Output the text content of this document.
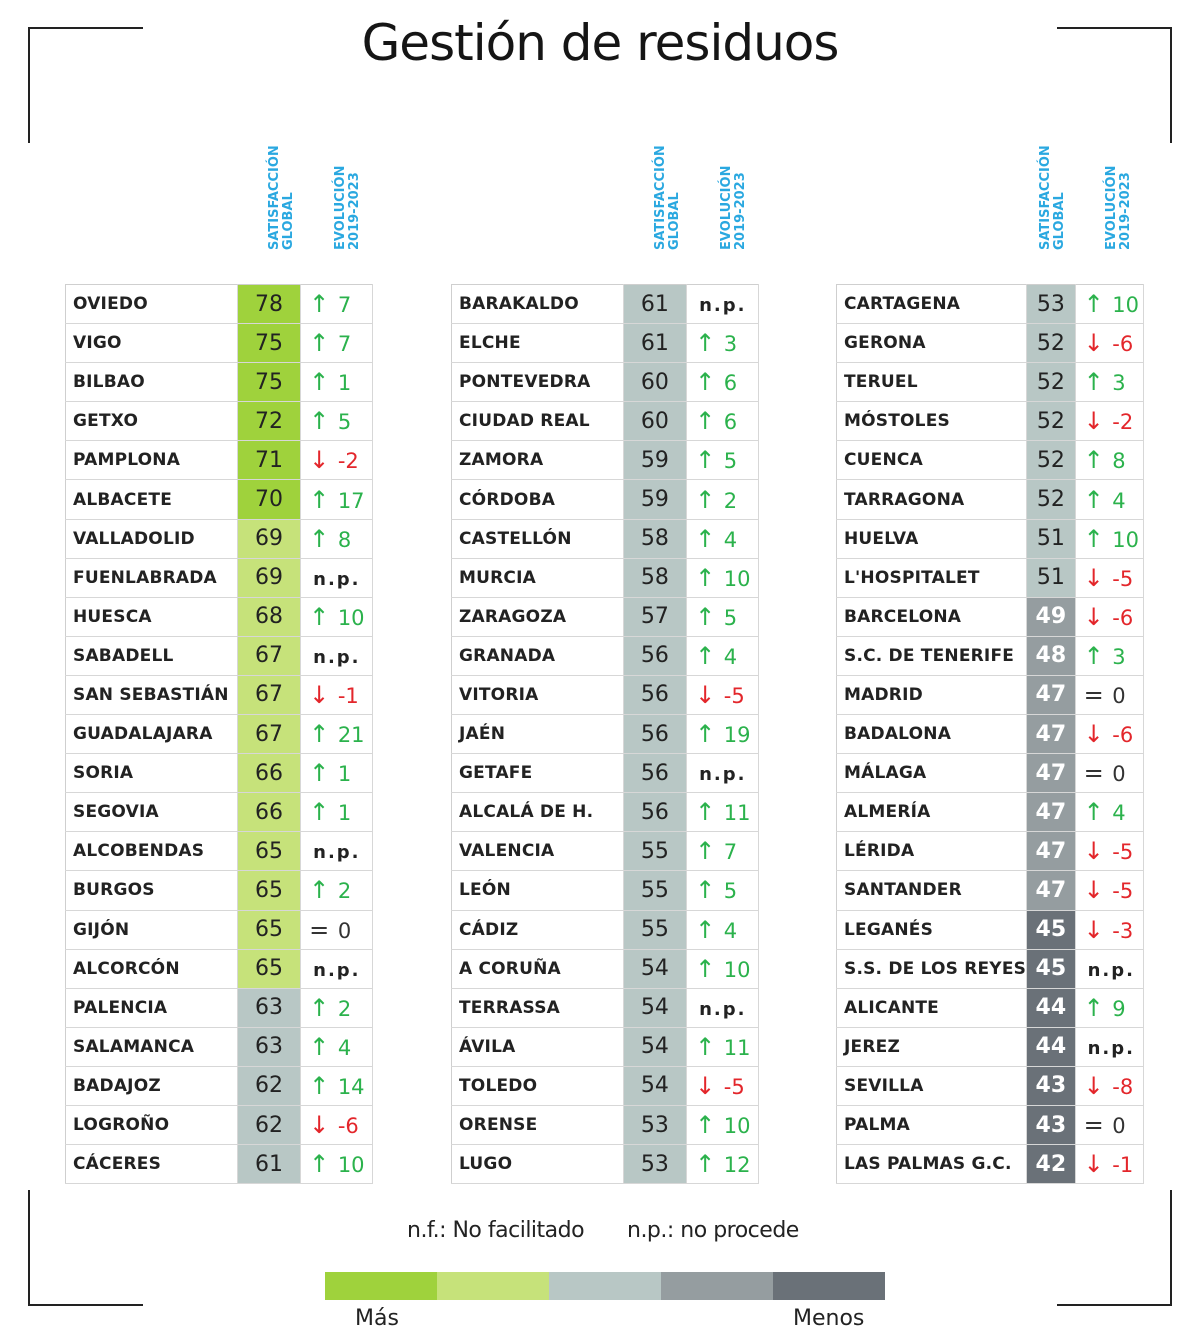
Gestión de residuos
SATISFACCIÓN GLOBAL	EVOLUCIÓN 2019-2023
OVIEDO	78	↑ 7
VIGO	75	↑ 7
BILBAO	75	↑ 1
GETXO	72	↑ 5
PAMPLONA	71	↓ -2
ALBACETE	70	↑ 17
VALLADOLID	69	↑ 8
FUENLABRADA	69	n.p.
HUESCA	68	↑ 10
SABADELL	67	n.p.
SAN SEBASTIÁN	67	↓ -1
GUADALAJARA	67	↑ 21
SORIA	66	↑ 1
SEGOVIA	66	↑ 1
ALCOBENDAS	65	n.p.
BURGOS	65	↑ 2
GIJÓN	65	= 0
ALCORCÓN	65	n.p.
PALENCIA	63	↑ 2
SALAMANCA	63	↑ 4
BADAJOZ	62	↑ 14
LOGROÑO	62	↓ -6
CÁCERES	61	↑ 10
SATISFACCIÓN GLOBAL	EVOLUCIÓN 2019-2023
BARAKALDO	61	n.p.
ELCHE	61	↑ 3
PONTEVEDRA	60	↑ 6
CIUDAD REAL	60	↑ 6
ZAMORA	59	↑ 5
CÓRDOBA	59	↑ 2
CASTELLÓN	58	↑ 4
MURCIA	58	↑ 10
ZARAGOZA	57	↑ 5
GRANADA	56	↑ 4
VITORIA	56	↓ -5
JAÉN	56	↑ 19
GETAFE	56	n.p.
ALCALÁ DE H.	56	↑ 11
VALENCIA	55	↑ 7
LEÓN	55	↑ 5
CÁDIZ	55	↑ 4
A CORUÑA	54	↑ 10
TERRASSA	54	n.p.
ÁVILA	54	↑ 11
TOLEDO	54	↓ -5
ORENSE	53	↑ 10
LUGO	53	↑ 12
SATISFACCIÓN GLOBAL	EVOLUCIÓN 2019-2023
CARTAGENA	53	↑ 10
GERONA	52	↓ -6
TERUEL	52	↑ 3
MÓSTOLES	52	↓ -2
CUENCA	52	↑ 8
TARRAGONA	52	↑ 4
HUELVA	51	↑ 10
L'HOSPITALET	51	↓ -5
BARCELONA	49	↓ -6
S.C. DE TENERIFE	48	↑ 3
MADRID	47	= 0
BADALONA	47	↓ -6
MÁLAGA	47	= 0
ALMERÍA	47	↑ 4
LÉRIDA	47	↓ -5
SANTANDER	47	↓ -5
LEGANÉS	45	↓ -3
S.S. DE LOS REYES	45	n.p.
ALICANTE	44	↑ 9
JEREZ	44	n.p.
SEVILLA	43	↓ -8
PALMA	43	= 0
LAS PALMAS G.C.	42	↓ -1
n.f.: No facilitado n.p.: no procede
Más	Menos
